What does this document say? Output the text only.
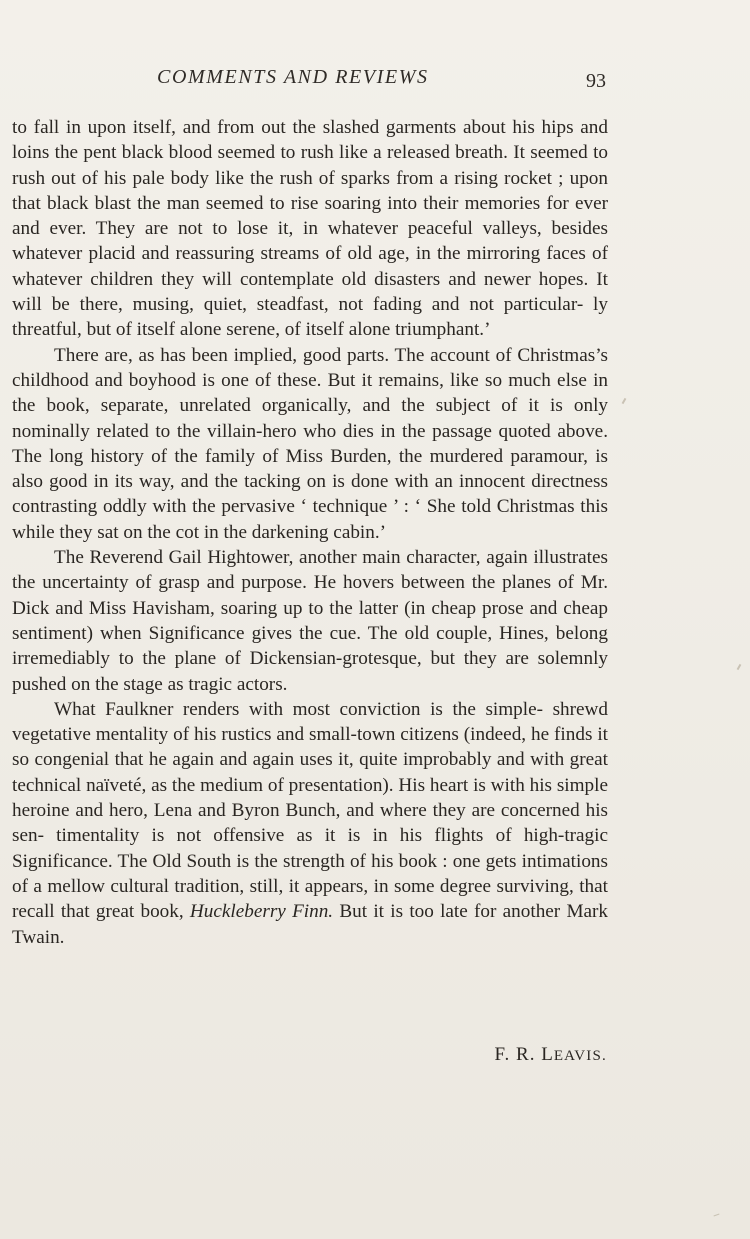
COMMENTS AND REVIEWS	93

to fall in upon itself, and from out the slashed garments about his hips and loins the pent black blood seemed to rush like a released breath. It seemed to rush out of his pale body like the rush of sparks from a rising rocket ; upon that black blast the man seemed to rise soaring into their memories for ever and ever. They are not to lose it, in whatever peaceful valleys, besides whatever placid and reassuring streams of old age, in the mirroring faces of whatever children they will contemplate old disasters and newer hopes. It will be there, musing, quiet, steadfast, not fading and not particular- ly threatful, but of itself alone serene, of itself alone triumphant.’

There are, as has been implied, good parts. The account of Christmas’s childhood and boyhood is one of these. But it remains, like so much else in the book, separate, unrelated organically, and the subject of it is only nominally related to the villain-hero who dies in the passage quoted above. The long history of the family of Miss Burden, the murdered paramour, is also good in its way, and the tacking on is done with an innocent directness contrasting oddly with the pervasive ‘ technique ’ : ‘ She told Christmas this while they sat on the cot in the darkening cabin.’

The Reverend Gail Hightower, another main character, again illustrates the uncertainty of grasp and purpose. He hovers between the planes of Mr. Dick and Miss Havisham, soaring up to the latter (in cheap prose and cheap sentiment) when Significance gives the cue. The old couple, Hines, belong irremediably to the plane of Dickensian-grotesque, but they are solemnly pushed on the stage as tragic actors.

What Faulkner renders with most conviction is the simple- shrewd vegetative mentality of his rustics and small-town citizens (indeed, he finds it so congenial that he again and again uses it, quite improbably and with great technical naïveté, as the medium of presentation). His heart is with his simple heroine and hero, Lena and Byron Bunch, and where they are concerned his sen- timentality is not offensive as it is in his flights of high-tragic Significance. The Old South is the strength of his book : one gets intimations of a mellow cultural tradition, still, it appears, in some degree surviving, that recall that great book, Huckleberry Finn. But it is too late for another Mark Twain.

F. R. LEAVIS.
